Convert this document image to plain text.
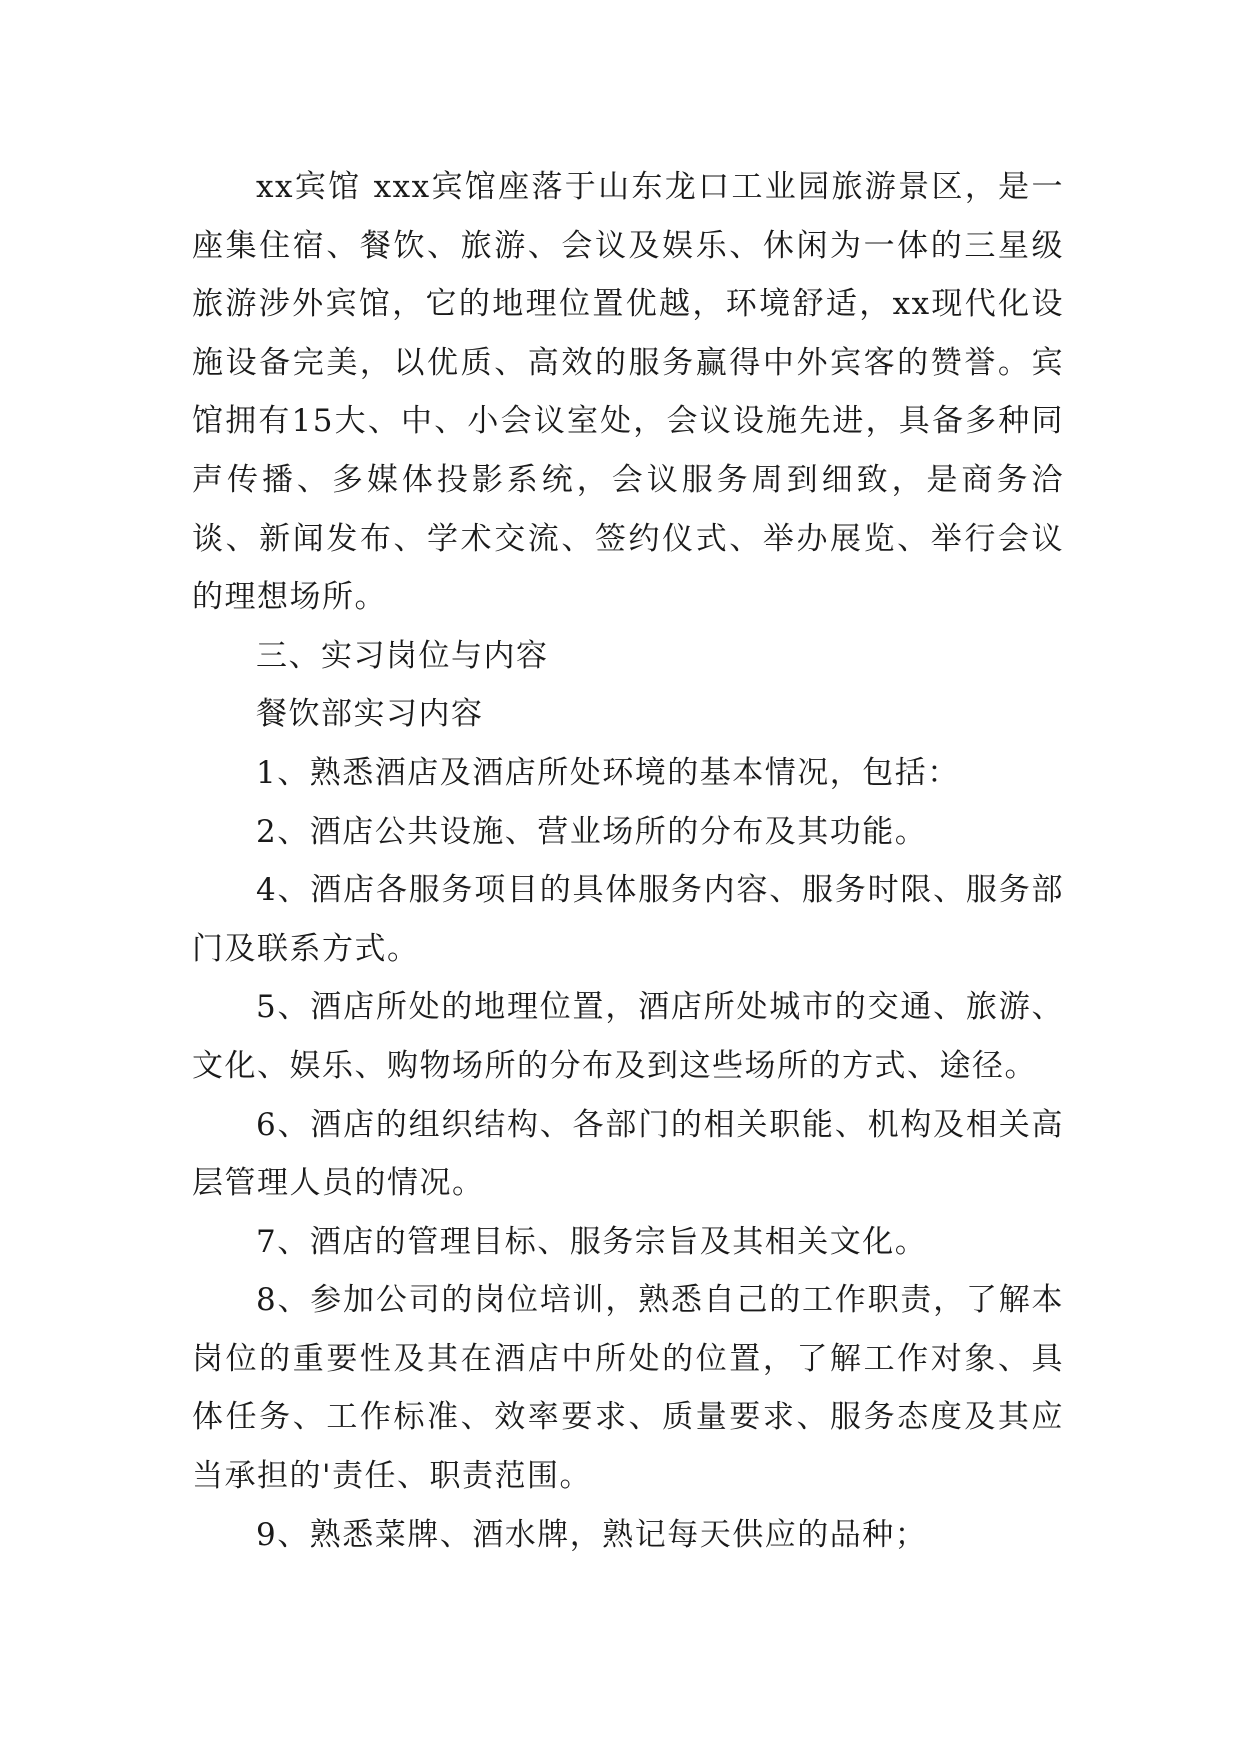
xx宾馆 xxx宾馆座落于山东龙口工业园旅游景区，是一座集住宿、餐饮、旅游、会议及娱乐、休闲为一体的三星级旅游涉外宾馆，它的地理位置优越，环境舒适，xx现代化设施设备完美，以优质、高效的服务赢得中外宾客的赞誉。宾馆拥有15大、中、小会议室处，会议设施先进，具备多种同声传播、多媒体投影系统，会议服务周到细致，是商务洽谈、新闻发布、学术交流、签约仪式、举办展览、举行会议的理想场所。

三、实习岗位与内容

餐饮部实习内容

1、熟悉酒店及酒店所处环境的基本情况，包括：

2、酒店公共设施、营业场所的分布及其功能。

4、酒店各服务项目的具体服务内容、服务时限、服务部门及联系方式。

5、酒店所处的地理位置，酒店所处城市的交通、旅游、文化、娱乐、购物场所的分布及到这些场所的方式、途径。

6、酒店的组织结构、各部门的相关职能、机构及相关高层管理人员的情况。

7、酒店的管理目标、服务宗旨及其相关文化。

8、参加公司的岗位培训，熟悉自己的工作职责，了解本岗位的重要性及其在酒店中所处的位置，了解工作对象、具体任务、工作标准、效率要求、质量要求、服务态度及其应当承担的'责任、职责范围。

9、熟悉菜牌、酒水牌，熟记每天供应的品种；
